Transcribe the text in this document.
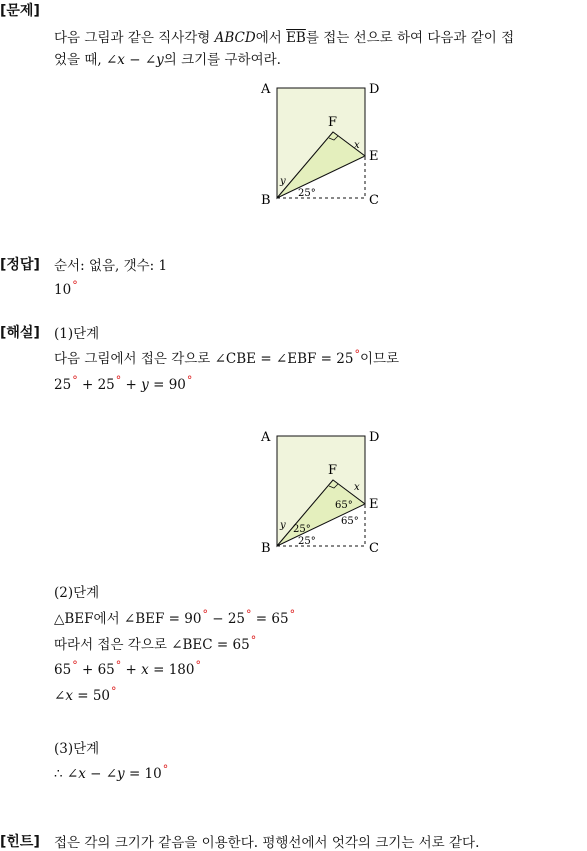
[문제]
다음 그림과 같은 직사각형 ABCD에서 $\overline{EB}$를 접는 선으로 하여 다음과 같이 접
었을 때, ∠x − ∠y의 크기를 구하여라.
A	D
F
E
B	C
x
y
25°
[정답] 순서: 없음, 갯수: 1
10°
[해설] (1)단계
다음 그림에서 접은 각으로 ∠CBE = ∠EBF = 25°이므로
25° + 25° + y = 90°
A	D
F
E
B	C
x
65°
65°
y 25°
25°
(2)단계
△BEF에서 ∠BEF = 90° − 25° = 65°
따라서 접은 각으로 ∠BEC = 65°
65° + 65° + x = 180°
∠x = 50°
(3)단계
∴ ∠x − ∠y = 10°
[힌트] 접은 각의 크기가 같음을 이용한다. 평행선에서 엇각의 크기는 서로 같다.
